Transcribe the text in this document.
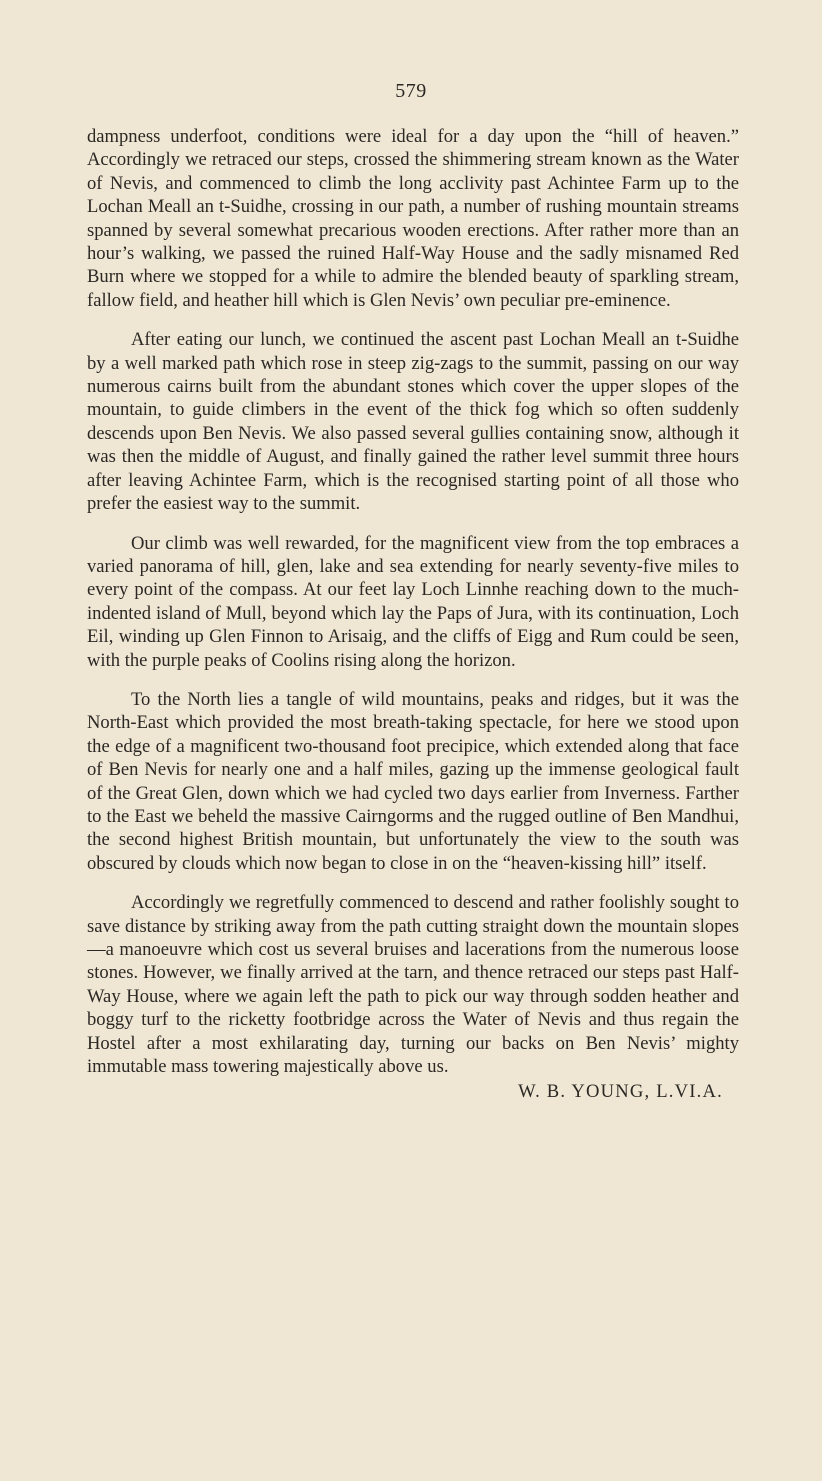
579

dampness underfoot, conditions were ideal for a day upon the “hill of heaven.” Accordingly we retraced our steps, crossed the shimmering stream known as the Water of Nevis, and commenced to climb the long acclivity past Achintee Farm up to the Lochan Meall an t-Suidhe, crossing in our path, a number of rushing mountain streams spanned by several somewhat precarious wooden erections. After rather more than an hour’s walking, we passed the ruined Half-Way House and the sadly misnamed Red Burn where we stopped for a while to admire the blended beauty of sparkling stream, fallow field, and heather hill which is Glen Nevis’ own peculiar pre-eminence.

After eating our lunch, we continued the ascent past Lochan Meall an t-Suidhe by a well marked path which rose in steep zig-zags to the summit, passing on our way numerous cairns built from the abundant stones which cover the upper slopes of the mountain, to guide climbers in the event of the thick fog which so often suddenly descends upon Ben Nevis. We also passed several gullies containing snow, although it was then the middle of August, and finally gained the rather level summit three hours after leaving Achintee Farm, which is the recognised starting point of all those who prefer the easiest way to the summit.

Our climb was well rewarded, for the magnificent view from the top embraces a varied panorama of hill, glen, lake and sea extending for nearly seventy-five miles to every point of the compass. At our feet lay Loch Linnhe reaching down to the much-indented island of Mull, beyond which lay the Paps of Jura, with its continuation, Loch Eil, winding up Glen Finnon to Arisaig, and the cliffs of Eigg and Rum could be seen, with the purple peaks of Coolins rising along the horizon.

To the North lies a tangle of wild mountains, peaks and ridges, but it was the North-East which provided the most breath-taking spectacle, for here we stood upon the edge of a magnificent two-thousand foot precipice, which extended along that face of Ben Nevis for nearly one and a half miles, gazing up the immense geological fault of the Great Glen, down which we had cycled two days earlier from Inverness. Farther to the East we beheld the massive Cairngorms and the rugged outline of Ben Mandhui, the second highest British mountain, but unfortunately the view to the south was obscured by clouds which now began to close in on the “heaven-kissing hill” itself.

Accordingly we regretfully commenced to descend and rather foolishly sought to save distance by striking away from the path cutting straight down the mountain slopes—a manoeuvre which cost us several bruises and lacerations from the numerous loose stones. However, we finally arrived at the tarn, and thence retraced our steps past Half-Way House, where we again left the path to pick our way through sodden heather and boggy turf to the ricketty footbridge across the Water of Nevis and thus regain the Hostel after a most exhilarating day, turning our backs on Ben Nevis’ mighty immutable mass towering majestically above us.

W. B. YOUNG, L.VI.A.
